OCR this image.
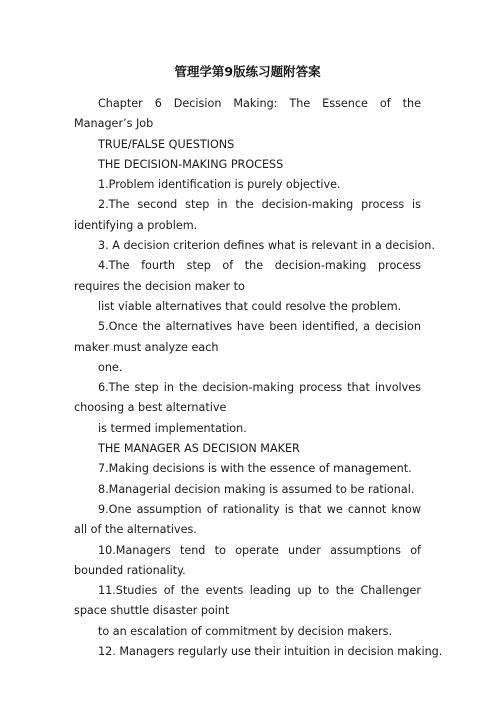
管理学第9版练习题附答案

Chapter 6 Decision Making: The Essence of the Manager’s Job

TRUE/FALSE QUESTIONS

THE DECISION-MAKING PROCESS

1.Problem identification is purely objective.

2.The second step in the decision-making process is identifying a problem.

3. A decision criterion defines what is relevant in a decision.

4.The fourth step of the decision-making process requires the decision maker to

list viable alternatives that could resolve the problem.

5.Once the alternatives have been identified, a decision maker must analyze each

one.

6.The step in the decision-making process that involves choosing a best alternative

is termed implementation.

THE MANAGER AS DECISION MAKER

7.Making decisions is with the essence of management.

8.Managerial decision making is assumed to be rational.

9.One assumption of rationality is that we cannot know all of the alternatives.

10.Managers tend to operate under assumptions of bounded rationality.

11.Studies of the events leading up to the Challenger space shuttle disaster point

to an escalation of commitment by decision makers.

12. Managers regularly use their intuition in decision making.
